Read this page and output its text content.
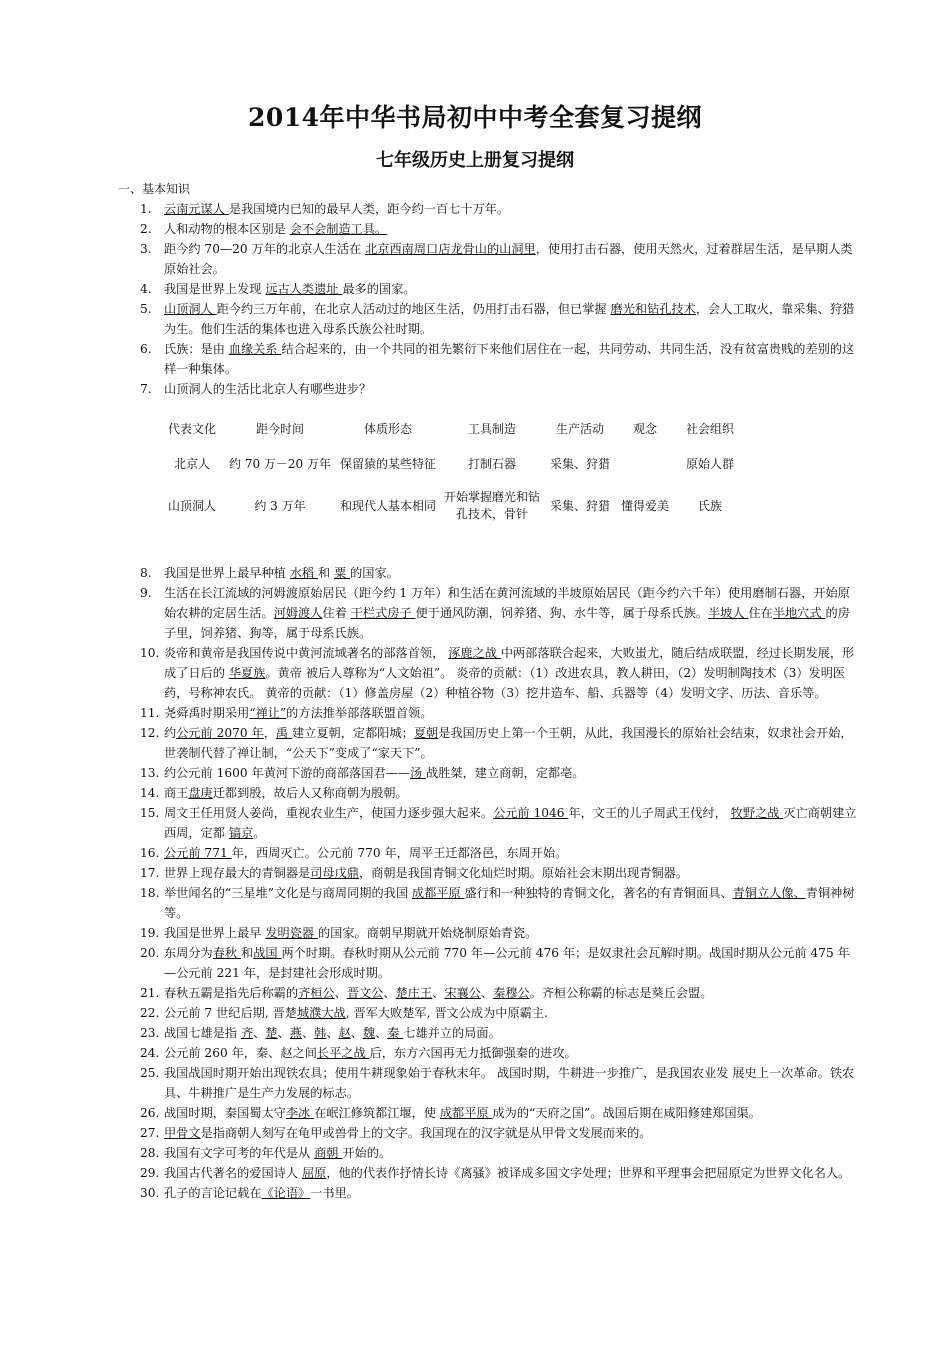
2014年中华书局初中中考全套复习提纲
七年级历史上册复习提纲
一、基本知识
1.	云南元谋人 是我国境内已知的最早人类，距今约一百七十万年。
2.	人和动物的根本区别是 会不会制造工具。
3.	距今约 70—20 万年的北京人生活在 北京西南周口店龙骨山的山洞里，使用打击石器，使用天然火，过着群居生活，是早期人类原始社会。
4.	我国是世界上发现 远古人类遗址 最多的国家。
5.	山顶洞人 距今约三万年前，在北京人活动过的地区生活，仍用打击石器，但已掌握 磨光和钻孔技术，会人工取火，靠采集、狩猎为生。他们生活的集体也进入母系氏族公社时期。
6.	氏族：是由 血缘关系 结合起来的，由一个共同的祖先繁衍下来他们居住在一起，共同劳动、共同生活，没有贫富贵贱的差别的这样一种集体。
7.	山顶洞人的生活比北京人有哪些进步？
代表文化	距今时间	体质形态	工具制造	生产活动	观念	社会组织
北京人	约 70 万－20 万年	保留猿的某些特征	打制石器	采集、狩猎		原始人群
山顶洞人	约 3 万年	和现代人基本相同	开始掌握磨光和钻孔技术，骨针	采集、狩猎	懂得爱美	氏族
8.	我国是世界上最早种植 水稻 和 粟 的国家。
9.	生活在长江流域的河姆渡原始居民（距今约 1 万年）和生活在黄河流域的半坡原始居民（距今约六千年）使用磨制石器，开始原始农耕的定居生活。河姆渡人住着 干栏式房子 便于通风防潮，饲养猪、狗、水牛等，属于母系氏族。半坡人 住在半地穴式 的房子里，饲养猪、狗等，属于母系氏族。
10. 炎帝和黄帝是我国传说中黄河流域著名的部落首领， 涿鹿之战 中两部落联合起来，大败蚩尤，随后结成联盟，经过长期发展，形成了日后的 华夏族。黄帝 被后人尊称为“人文始祖”。 炎帝的贡献：（1）改进农具，教人耕田，（2）发明制陶技术（3）发明医药，号称神农氏。 黄帝的贡献：（1）修盖房屋（2）种植谷物（3）挖井造车、船、兵器等（4）发明文字、历法、音乐等。
11. 尧舜禹时期采用“禅让”的方法推举部落联盟首领。
12. 约公元前 2070 年，禹 建立夏朝，定都阳城；夏朝是我国历史上第一个王朝，从此，我国漫长的原始社会结束，奴隶社会开始，世袭制代替了禅让制，“公天下”变成了“家天下”。
13. 约公元前 1600 年黄河下游的商部落国君——汤 战胜桀，建立商朝，定都亳。
14. 商王盘庚迁都到殷，故后人又称商朝为殷朝。
15. 周文王任用贤人姜尚，重视农业生产，使国力逐步强大起来。公元前 1046 年，文王的儿子周武王伐纣， 牧野之战 灭亡商朝建立西周，定都 镐京。
16. 公元前 771 年，西周灭亡。公元前 770 年，周平王迁都洛邑，东周开始。
17. 世界上现存最大的青铜器是司母戊鼎，商朝是我国青铜文化灿烂时期。原始社会末期出现青铜器。
18. 举世闻名的“三星堆”文化是与商周同期的我国 成都平原 盛行和一种独特的青铜文化，著名的有青铜面具、青铜立人像、青铜神树等。
19. 我国是世界上最早 发明瓷器 的国家。商朝早期就开始烧制原始青瓷。
20. 东周分为春秋 和战国 两个时期。春秋时期从公元前 770 年—公元前 476 年；是奴隶社会瓦解时期。战国时期从公元前 475 年—公元前 221 年，是封建社会形成时期。
21. 春秋五霸是指先后称霸的齐桓公、晋文公、楚庄王、宋襄公、秦穆公。齐桓公称霸的标志是葵丘会盟。
22. 公元前 7 世纪后期, 晋楚城濮大战, 晋军大败楚军, 晋文公成为中原霸主.
23. 战国七雄是指 齐、楚、燕、韩、赵、魏、秦 七雄并立的局面。
24. 公元前 260 年，秦、赵之间长平之战 后，东方六国再无力抵御强秦的进攻。
25. 我国战国时期开始出现铁农具；使用牛耕现象始于春秋末年。 战国时期，牛耕进一步推广，是我国农业发 展史上一次革命。铁农具、牛耕推广是生产力发展的标志。
26. 战国时期，秦国蜀太守李冰 在岷江修筑都江堰，使 成都平原 成为的“天府之国”。战国后期在咸阳修建郑国渠。
27. 甲骨文是指商朝人刻写在龟甲或兽骨上的文字。我国现在的汉字就是从甲骨文发展而来的。
28. 我国有文字可考的年代是从 商朝 开始的。
29. 我国古代著名的爱国诗人 屈原，他的代表作抒情长诗《离骚》被译成多国文字处理；世界和平理事会把屈原定为世界文化名人。
30. 孔子的言论记载在《论语》一书里。
